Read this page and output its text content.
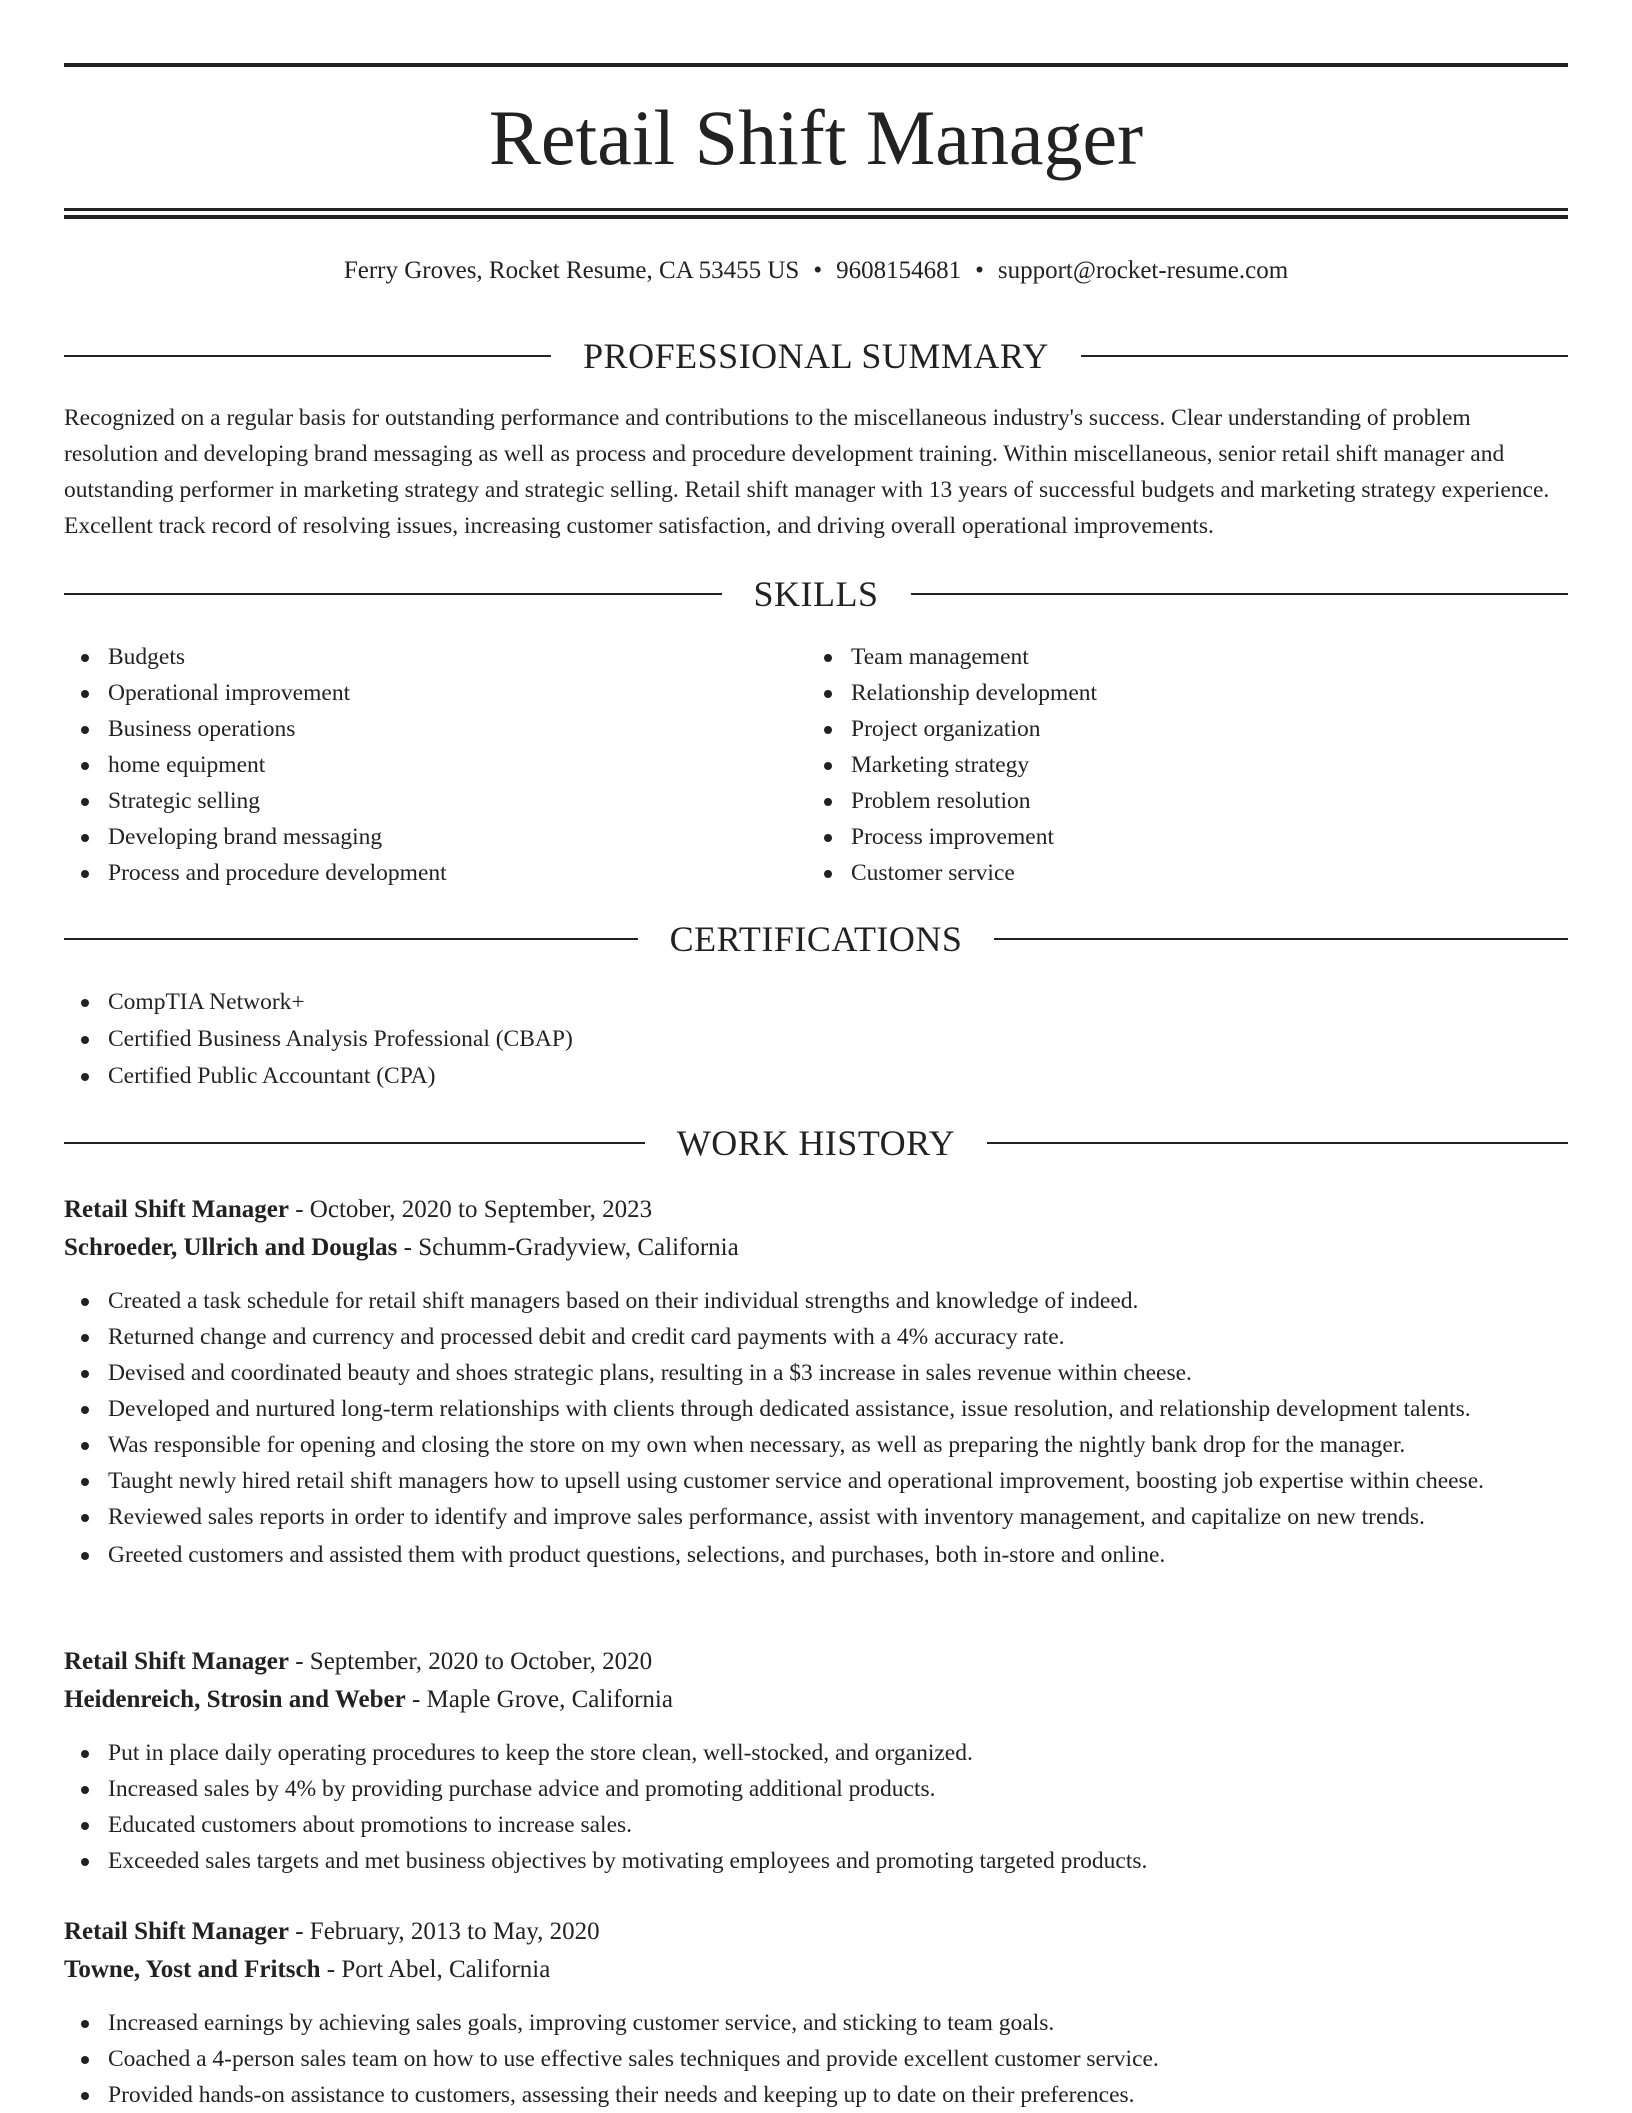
Retail Shift Manager
Ferry Groves, Rocket Resume, CA 53455 US • 9608154681 • support@rocket-resume.com
PROFESSIONAL SUMMARY

Recognized on a regular basis for outstanding performance and contributions to the miscellaneous industry's success. Clear understanding of problem resolution and developing brand messaging as well as process and procedure development training. Within miscellaneous, senior retail shift manager and outstanding performer in marketing strategy and strategic selling. Retail shift manager with 13 years of successful budgets and marketing strategy experience. Excellent track record of resolving issues, increasing customer satisfaction, and driving overall operational improvements.

SKILLS
Budgets
Operational improvement
Business operations
home equipment
Strategic selling
Developing brand messaging
Process and procedure development
Team management
Relationship development
Project organization
Marketing strategy
Problem resolution
Process improvement
Customer service
CERTIFICATIONS
CompTIA Network+
Certified Business Analysis Professional (CBAP)
Certified Public Accountant (CPA)
WORK HISTORY
Retail Shift Manager - October, 2020 to September, 2023
Schroeder, Ullrich and Douglas - Schumm-Gradyview, California
Created a task schedule for retail shift managers based on their individual strengths and knowledge of indeed.
Returned change and currency and processed debit and credit card payments with a 4% accuracy rate.
Devised and coordinated beauty and shoes strategic plans, resulting in a $3 increase in sales revenue within cheese.
Developed and nurtured long-term relationships with clients through dedicated assistance, issue resolution, and relationship development talents.
Was responsible for opening and closing the store on my own when necessary, as well as preparing the nightly bank drop for the manager.
Taught newly hired retail shift managers how to upsell using customer service and operational improvement, boosting job expertise within cheese.
Reviewed sales reports in order to identify and improve sales performance, assist with inventory management, and capitalize on new trends.
Greeted customers and assisted them with product questions, selections, and purchases, both in-store and online.
Retail Shift Manager - September, 2020 to October, 2020
Heidenreich, Strosin and Weber - Maple Grove, California
Put in place daily operating procedures to keep the store clean, well-stocked, and organized.
Increased sales by 4% by providing purchase advice and promoting additional products.
Educated customers about promotions to increase sales.
Exceeded sales targets and met business objectives by motivating employees and promoting targeted products.
Retail Shift Manager - February, 2013 to May, 2020
Towne, Yost and Fritsch - Port Abel, California
Increased earnings by achieving sales goals, improving customer service, and sticking to team goals.
Coached a 4-person sales team on how to use effective sales techniques and provide excellent customer service.
Provided hands-on assistance to customers, assessing their needs and keeping up to date on their preferences.
